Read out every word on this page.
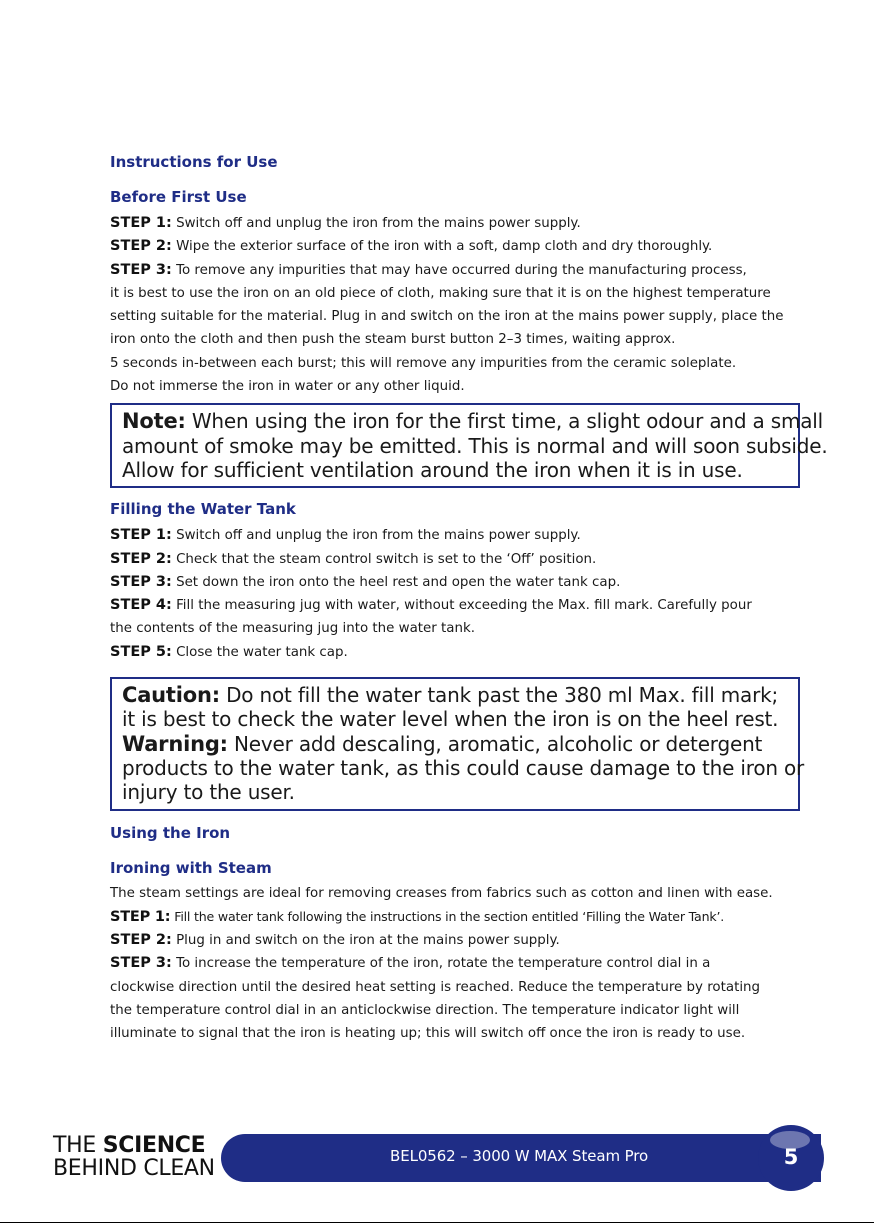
Instructions for Use
Before First Use

STEP 1: Switch off and unplug the iron from the mains power supply.

STEP 2: Wipe the exterior surface of the iron with a soft, damp cloth and dry thoroughly.

STEP 3: To remove any impurities that may have occurred during the manufacturing process,

it is best to use the iron on an old piece of cloth, making sure that it is on the highest temperature

setting suitable for the material. Plug in and switch on the iron at the mains power supply, place the

iron onto the cloth and then push the steam burst button 2–3 times, waiting approx.

5 seconds in-between each burst; this will remove any impurities from the ceramic soleplate.

Do not immerse the iron in water or any other liquid.

Note: When using the iron for the first time, a slight odour and a small

amount of smoke may be emitted. This is normal and will soon subside.

Allow for sufficient ventilation around the iron when it is in use.

Filling the Water Tank

STEP 1: Switch off and unplug the iron from the mains power supply.

STEP 2: Check that the steam control switch is set to the ‘Off’ position.

STEP 3: Set down the iron onto the heel rest and open the water tank cap.

STEP 4: Fill the measuring jug with water, without exceeding the Max. fill mark. Carefully pour

the contents of the measuring jug into the water tank.

STEP 5: Close the water tank cap.

Caution: Do not fill the water tank past the 380 ml Max. fill mark;

it is best to check the water level when the iron is on the heel rest.

Warning: Never add descaling, aromatic, alcoholic or detergent

products to the water tank, as this could cause damage to the iron or

injury to the user.

Using the Iron
Ironing with Steam

The steam settings are ideal for removing creases from fabrics such as cotton and linen with ease.

STEP 1: Fill the water tank following the instructions in the section entitled ‘Filling the Water Tank’.

STEP 2: Plug in and switch on the iron at the mains power supply.

STEP 3: To increase the temperature of the iron, rotate the temperature control dial in a

clockwise direction until the desired heat setting is reached. Reduce the temperature by rotating

the temperature control dial in an anticlockwise direction. The temperature indicator light will

illuminate to signal that the iron is heating up; this will switch off once the iron is ready to use.

THE SCIENCE
BEHIND CLEAN	BEL0562 – 3000 W MAX Steam Pro	5
